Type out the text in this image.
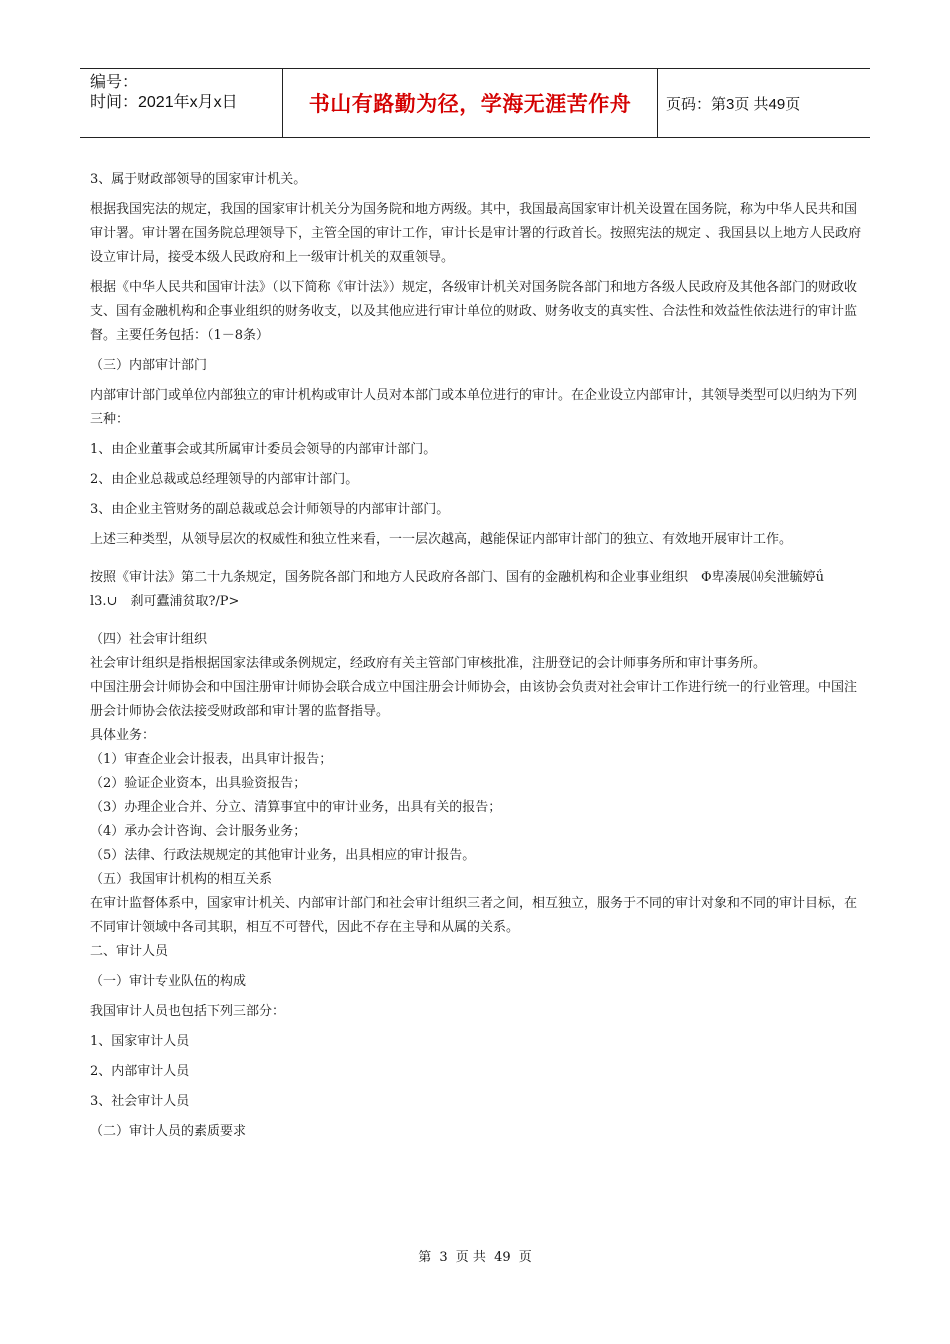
编号：
时间：2021年x月x日	书山有路勤为径，学海无涯苦作舟 页码：第3页 共49页

3、属于财政部领导的国家审计机关。

根据我国宪法的规定，我国的国家审计机关分为国务院和地方两级。其中，我国最高国家审计机关设置在国务院，称为中华人民共和国审计署。审计署在国务院总理领导下，主管全国的审计工作，审计长是审计署的行政首长。按照宪法的规定 、我国县以上地方人民政府设立审计局，接受本级人民政府和上一级审计机关的双重领导。

根据《中华人民共和国审计法》（以下简称《审计法》）规定，各级审计机关对国务院各部门和地方各级人民政府及其他各部门的财政收支、国有金融机构和企事业组织的财务收支，以及其他应进行审计单位的财政、财务收支的真实性、合法性和效益性依法进行的审计监督。主要任务包括：（1－8条）

（三）内部审计部门

内部审计部门或单位内部独立的审计机构或审计人员对本部门或本单位进行的审计。在企业设立内部审计，其领导类型可以归纳为下列三种：

1、由企业董事会或其所属审计委员会领导的内部审计部门。

2、由企业总裁或总经理领导的内部审计部门。

3、由企业主管财务的副总裁或总会计师领导的内部审计部门。

上述三种类型，从领导层次的权威性和独立性来看，一一层次越高，越能保证内部审计部门的独立、有效地开展审计工作。

按照《审计法》第二十九条规定，国务院各部门和地方人民政府各部门、国有的金融机构和企业事业组织　Φ卑凑展⒁矣泄毓婷ǘ　l3.∪　刹可蠹浦贫取?/P>

（四）社会审计组织

社会审计组织是指根据国家法律或条例规定，经政府有关主管部门审核批准，注册登记的会计师事务所和审计事务所。

中国注册会计师协会和中国注册审计师协会联合成立中国注册会计师协会，由该协会负责对社会审计工作进行统一的行业管理。中国注册会计师协会依法接受财政部和审计署的监督指导。

具体业务：

（1）审查企业会计报表，出具审计报告；

（2）验证企业资本，出具验资报告；

（3）办理企业合并、分立、清算事宜中的审计业务，出具有关的报告；

（4）承办会计咨询、会计服务业务；

（5）法律、行政法规规定的其他审计业务，出具相应的审计报告。

（五）我国审计机构的相互关系

在审计监督体系中，国家审计机关、内部审计部门和社会审计组织三者之间，相互独立，服务于不同的审计对象和不同的审计目标，在不同审计领域中各司其职，相互不可替代，因此不存在主导和从属的关系。

二、审计人员

（一）审计专业队伍的构成

我国审计人员也包括下列三部分：

1、国家审计人员

2、内部审计人员

3、社会审计人员

（二）审计人员的素质要求

第 3 页 共 49 页
